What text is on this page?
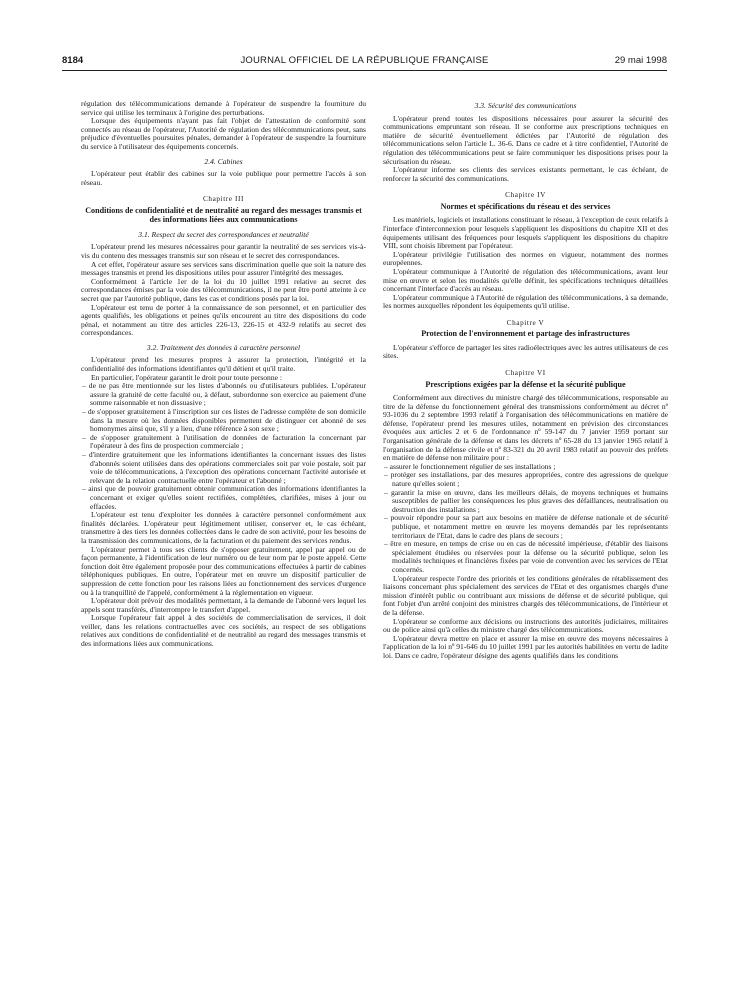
8184	JOURNAL OFFICIEL DE LA RÉPUBLIQUE FRANÇAISE	29 mai 1998

régulation des télécommunications demande à l'opérateur de suspendre la fourniture du service qui utilise les terminaux à l'origine des perturbations.

Lorsque des équipements n'ayant pas fait l'objet de l'attestation de conformité sont connectés au réseau de l'opérateur, l'Autorité de régulation des télécommunications peut, sans préjudice d'éventuelles poursuites pénales, demander à l'opérateur de suspendre la fourniture du service à l'utilisateur des équipements concernés.

2.4. Cabines

L'opérateur peut établir des cabines sur la voie publique pour permettre l'accès à son réseau.

Chapitre III
Conditions de confidentialité et de neutralité au regard des messages transmis et des informations liées aux communications
3.1. Respect du secret des correspondances et neutralité

L'opérateur prend les mesures nécessaires pour garantir la neutralité de ses services vis-à-vis du contenu des messages transmis sur son réseau et le secret des correspondances.

A cet effet, l'opérateur assure ses services sans discrimination quelle que soit la nature des messages transmis et prend les dispositions utiles pour assurer l'intégrité des messages.

Conformément à l'article 1er de la loi du 10 juillet 1991 relative au secret des correspondances émises par la voie des télécommunications, il ne peut être porté atteinte à ce secret que par l'autorité publique, dans les cas et conditions posés par la loi.

L'opérateur est tenu de porter à la connaissance de son personnel, et en particulier des agents qualifiés, les obligations et peines qu'ils encourent au titre des dispositions du code pénal, et notamment au titre des articles 226-13, 226-15 et 432-9 relatifs au secret des correspondances.

3.2. Traitement des données à caractère personnel

L'opérateur prend les mesures propres à assurer la protection, l'intégrité et la confidentialité des informations identifiantes qu'il détient et qu'il traite.

En particulier, l'opérateur garantit le droit pour toute personne :

– de ne pas être mentionnée sur les listes d'abonnés ou d'utilisateurs publiées. L'opérateur assure la gratuité de cette faculté ou, à défaut, subordonne son exercice au paiement d'une somme raisonnable et non dissuasive ;
– de s'opposer gratuitement à l'inscription sur ces listes de l'adresse complète de son domicile dans la mesure où les données disponibles permettent de distinguer cet abonné de ses homonymes ainsi que, s'il y a lieu, d'une référence à son sexe ;
– de s'opposer gratuitement à l'utilisation de données de facturation la concernant par l'opérateur à des fins de prospection commerciale ;
– d'interdire gratuitement que les informations identifiantes la concernant issues des listes d'abonnés soient utilisées dans des opérations commerciales soit par voie postale, soit par voie de télécommunications, à l'exception des opérations concernant l'activité autorisée et relevant de la relation contractuelle entre l'opérateur et l'abonné ;
– ainsi que de pouvoir gratuitement obtenir communication des informations identifiantes la concernant et exiger qu'elles soient rectifiées, complétées, clarifiées, mises à jour ou effacées.

L'opérateur est tenu d'exploiter les données à caractère personnel conformément aux finalités déclarées. L'opérateur peut légitimement utiliser, conserver et, le cas échéant, transmettre à des tiers les données collectées dans le cadre de son activité, pour les besoins de la transmission des communications, de la facturation et du paiement des services rendus.

L'opérateur permet à tous ses clients de s'opposer gratuitement, appel par appel ou de façon permanente, à l'identification de leur numéro ou de leur nom par le poste appelé. Cette fonction doit être également proposée pour des communications effectuées à partir de cabines téléphoniques publiques. En outre, l'opérateur met en œuvre un dispositif particulier de suppression de cette fonction pour les raisons liées au fonctionnement des services d'urgence ou à la tranquillité de l'appelé, conformément à la réglementation en vigueur.

L'opérateur doit prévoir des modalités permettant, à la demande de l'abonné vers lequel les appels sont transférés, d'interrompre le transfert d'appel.

Lorsque l'opérateur fait appel à des sociétés de commercialisation de services, il doit veiller, dans les relations contractuelles avec ces sociétés, au respect de ses obligations relatives aux conditions de confidentialité et de neutralité au regard des messages transmis et des informations liées aux communications.

3.3. Sécurité des communications

L'opérateur prend toutes les dispositions nécessaires pour assurer la sécurité des communications empruntant son réseau. Il se conforme aux prescriptions techniques en matière de sécurité éventuellement édictées par l'Autorité de régulation des télécommunications selon l'article L. 36-6. Dans ce cadre et à titre confidentiel, l'Autorité de régulation des télécommunications peut se faire communiquer les dispositions prises pour la sécurisation du réseau.

L'opérateur informe ses clients des services existants permettant, le cas échéant, de renforcer la sécurité des communications.

Chapitre IV
Normes et spécifications du réseau et des services

Les matériels, logiciels et installations constituant le réseau, à l'exception de ceux relatifs à l'interface d'interconnexion pour lesquels s'appliquent les dispositions du chapitre XII et des équipements utilisant des fréquences pour lesquels s'appliquent les dispositions du chapitre VIII, sont choisis librement par l'opérateur.

L'opérateur privilégie l'utilisation des normes en vigueur, notamment des normes européennes.

L'opérateur communique à l'Autorité de régulation des télécommunications, avant leur mise en œuvre et selon les modalités qu'elle définit, les spécifications techniques détaillées concernant l'interface d'accès au réseau.

L'opérateur communique à l'Autorité de régulation des télécommunications, à sa demande, les normes auxquelles répondent les équipements qu'il utilise.

Chapitre V
Protection de l'environnement et partage des infrastructures

L'opérateur s'efforce de partager les sites radioélectriques avec les autres utilisateurs de ces sites.

Chapitre VI
Prescriptions exigées par la défense et la sécurité publique

Conformément aux directives du ministre chargé des télécommunications, responsable au titre de la défense du fonctionnement général des transmissions conformément au décret nº 93-1036 du 2 septembre 1993 relatif à l'organisation des télécommunications en matière de défense, l'opérateur prend les mesures utiles, notamment en prévision des circonstances évoquées aux articles 2 et 6 de l'ordonnance nº 59-147 du 7 janvier 1959 portant sur l'organisation générale de la défense et dans les décrets nº 65-28 du 13 janvier 1965 relatif à l'organisation de la défense civile et nº 83-321 du 20 avril 1983 relatif au pouvoir des préfets en matière de défense non militaire pour :

– assurer le fonctionnement régulier de ses installations ;
– protéger ses installations, par des mesures appropriées, contre des agressions de quelque nature qu'elles soient ;
– garantir la mise en œuvre, dans les meilleurs délais, de moyens techniques et humains susceptibles de pallier les conséquences les plus graves des défaillances, neutralisation ou destruction des installations ;
– pouvoir répondre pour sa part aux besoins en matière de défense nationale et de sécurité publique, et notamment mettre en œuvre les moyens demandés par les représentants territoriaux de l'Etat, dans le cadre des plans de secours ;
– être en mesure, en temps de crise ou en cas de nécessité impérieuse, d'établir des liaisons spécialement étudiées ou réservées pour la défense ou la sécurité publique, selon les modalités techniques et financières fixées par voie de convention avec les services de l'Etat concernés.

L'opérateur respecte l'ordre des priorités et les conditions générales de rétablissement des liaisons concernant plus spécialement des services de l'Etat et des organismes chargés d'une mission d'intérêt public ou contribuant aux missions de défense et de sécurité publique, qui font l'objet d'un arrêté conjoint des ministres chargés des télécommunications, de l'intérieur et de la défense.

L'opérateur se conforme aux décisions ou instructions des autorités judiciaires, militaires ou de police ainsi qu'à celles du ministre chargé des télécommunications.

L'opérateur devra mettre en place et assurer la mise en œuvre des moyens nécessaires à l'application de la loi nº 91-646 du 10 juillet 1991 par les autorités habilitées en vertu de ladite loi. Dans ce cadre, l'opérateur désigne des agents qualifiés dans les conditions
